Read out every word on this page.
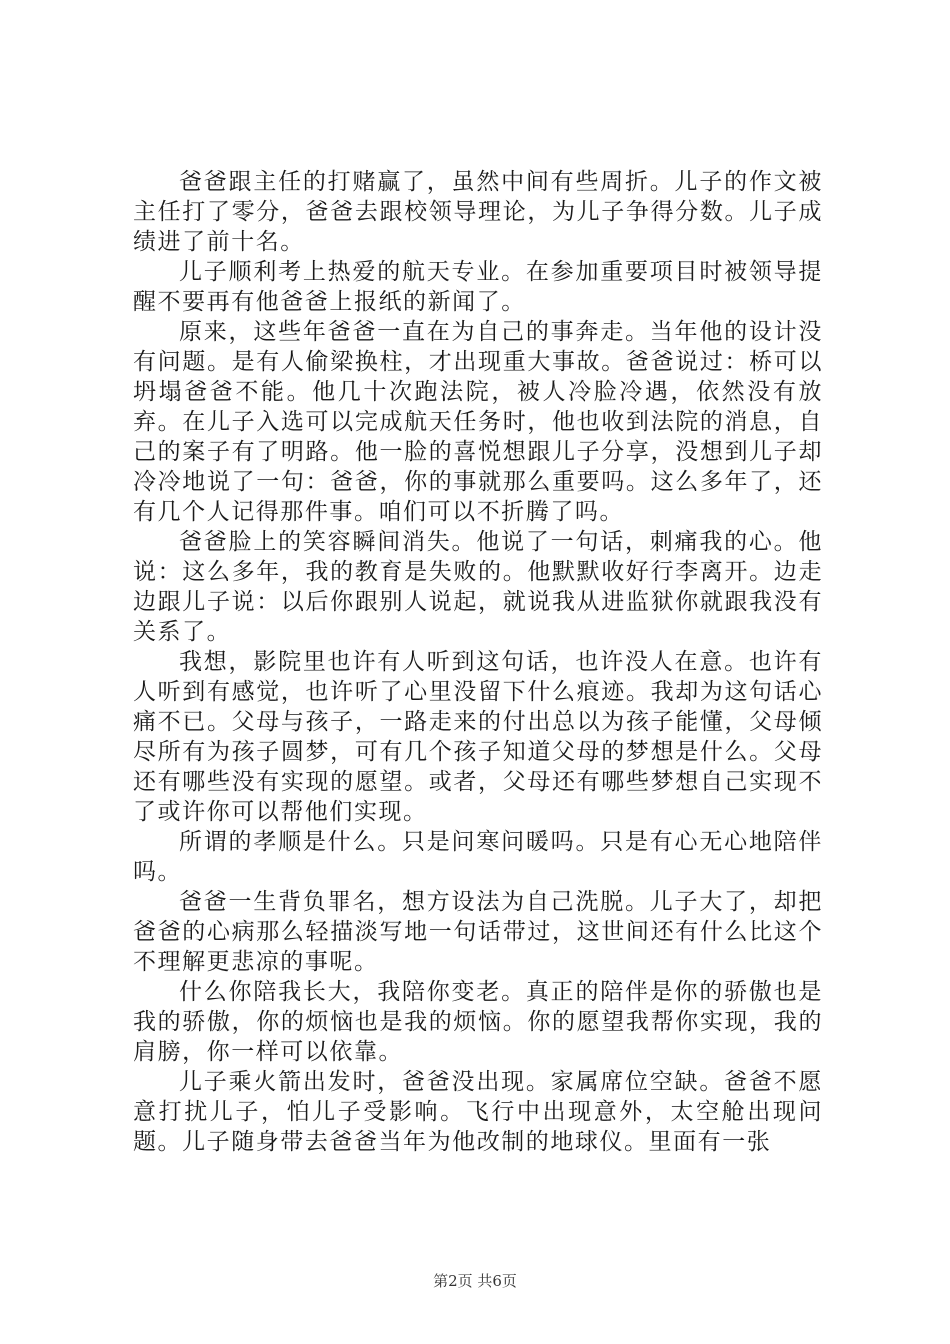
爸爸跟主任的打赌赢了，虽然中间有些周折。儿子的作文被主任打了零分，爸爸去跟校领导理论，为儿子争得分数。儿子成绩进了前十名。

儿子顺利考上热爱的航天专业。在参加重要项目时被领导提醒不要再有他爸爸上报纸的新闻了。

原来，这些年爸爸一直在为自己的事奔走。当年他的设计没有问题。是有人偷梁换柱，才出现重大事故。爸爸说过：桥可以坍塌爸爸不能。他几十次跑法院，被人冷脸冷遇，依然没有放弃。在儿子入选可以完成航天任务时，他也收到法院的消息，自己的案子有了明路。他一脸的喜悦想跟儿子分享，没想到儿子却冷冷地说了一句：爸爸，你的事就那么重要吗。这么多年了，还有几个人记得那件事。咱们可以不折腾了吗。

爸爸脸上的笑容瞬间消失。他说了一句话，刺痛我的心。他说：这么多年，我的教育是失败的。他默默收好行李离开。边走边跟儿子说：以后你跟别人说起，就说我从进监狱你就跟我没有关系了。

我想，影院里也许有人听到这句话，也许没人在意。也许有人听到有感觉，也许听了心里没留下什么痕迹。我却为这句话心痛不已。父母与孩子，一路走来的付出总以为孩子能懂，父母倾尽所有为孩子圆梦，可有几个孩子知道父母的梦想是什么。父母还有哪些没有实现的愿望。或者，父母还有哪些梦想自己实现不了或许你可以帮他们实现。

所谓的孝顺是什么。只是问寒问暖吗。只是有心无心地陪伴吗。

爸爸一生背负罪名，想方设法为自己洗脱。儿子大了，却把爸爸的心病那么轻描淡写地一句话带过，这世间还有什么比这个不理解更悲凉的事呢。

什么你陪我长大，我陪你变老。真正的陪伴是你的骄傲也是我的骄傲，你的烦恼也是我的烦恼。你的愿望我帮你实现，我的肩膀，你一样可以依靠。

儿子乘火箭出发时，爸爸没出现。家属席位空缺。爸爸不愿意打扰儿子，怕儿子受影响。飞行中出现意外，太空舱出现问题。儿子随身带去爸爸当年为他改制的地球仪。里面有一张

第2页 共6页
